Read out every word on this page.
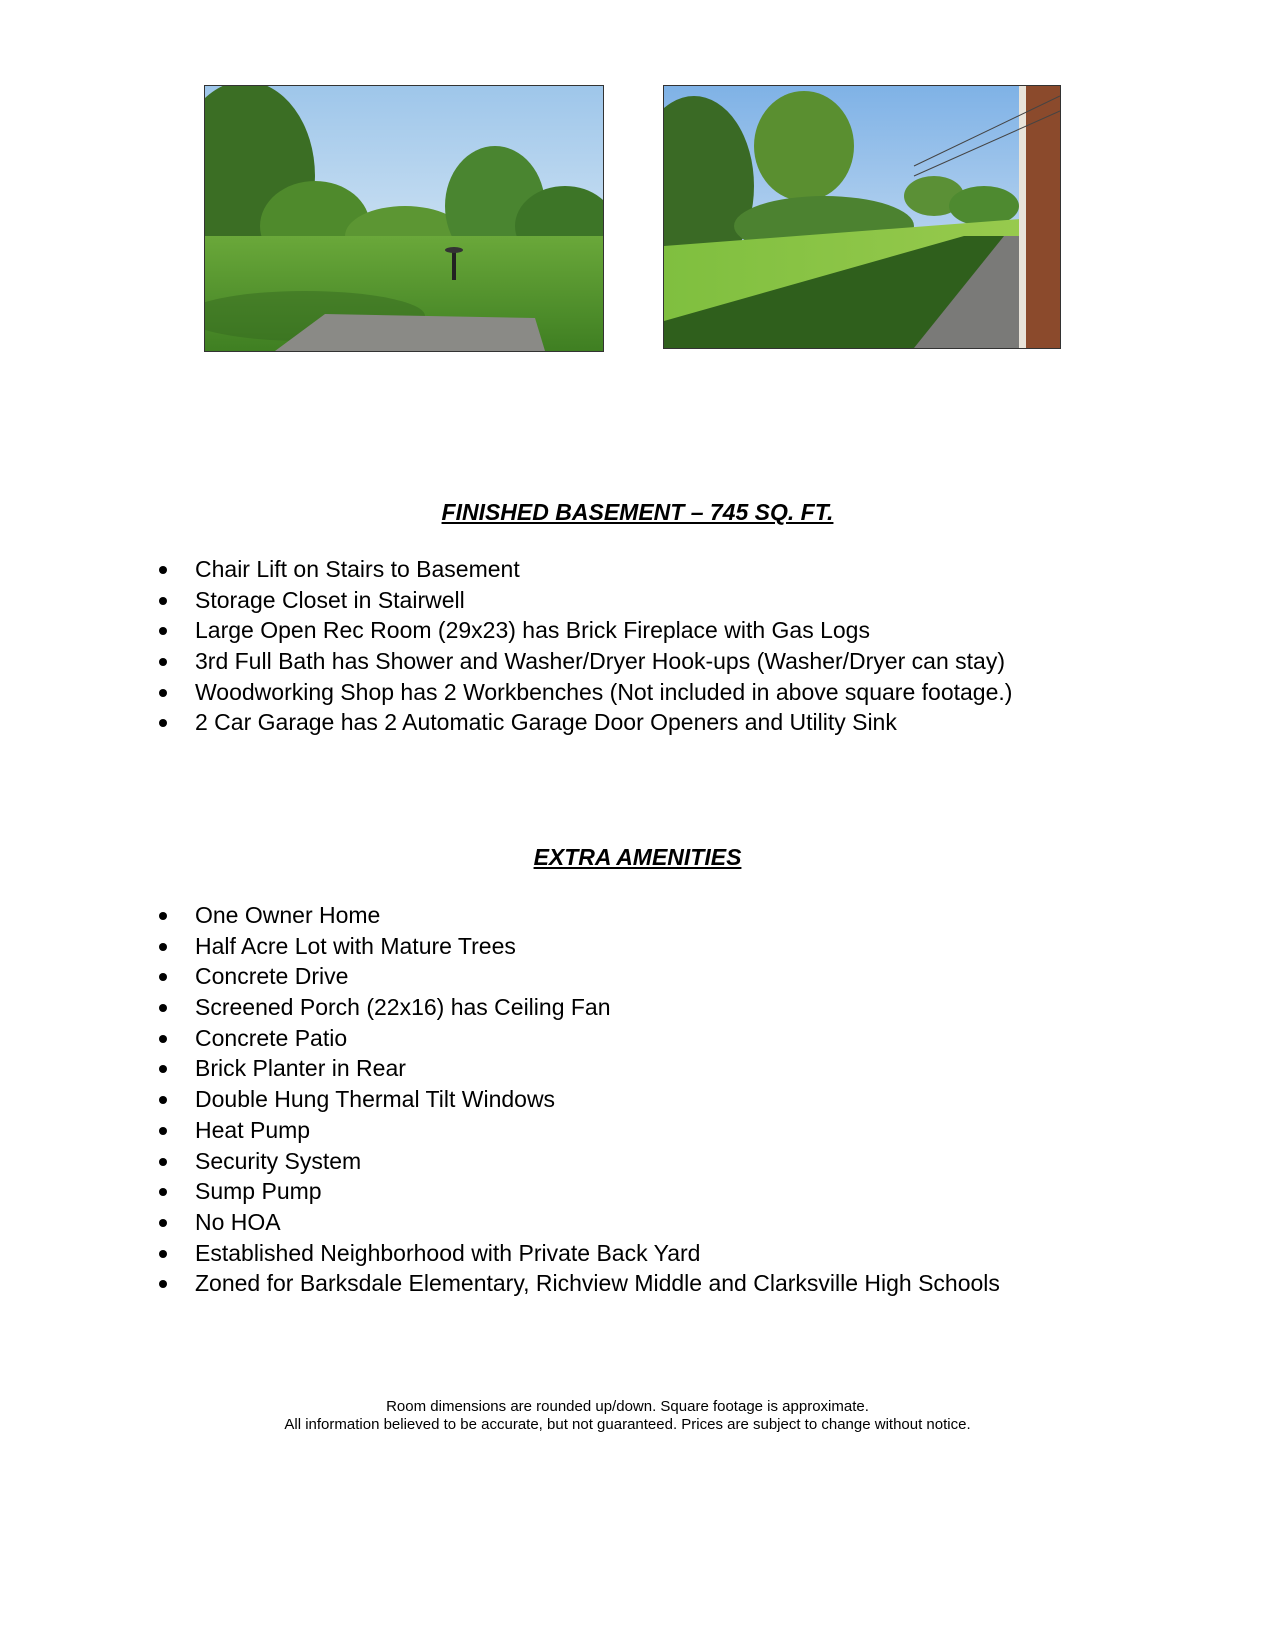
FINISHED BASEMENT – 745 SQ. FT.
Chair Lift on Stairs to Basement
Storage Closet in Stairwell
Large Open Rec Room (29x23) has Brick Fireplace with Gas Logs
3rd Full Bath has Shower and Washer/Dryer Hook-ups (Washer/Dryer can stay)
Woodworking Shop has 2 Workbenches (Not included in above square footage.)
2 Car Garage has 2 Automatic Garage Door Openers and Utility Sink
EXTRA AMENITIES
One Owner Home
Half Acre Lot with Mature Trees
Concrete Drive
Screened Porch (22x16) has Ceiling Fan
Concrete Patio
Brick Planter in Rear
Double Hung Thermal Tilt Windows
Heat Pump
Security System
Sump Pump
No HOA
Established Neighborhood with Private Back Yard
Zoned for Barksdale Elementary, Richview Middle and Clarksville High Schools
Room dimensions are rounded up/down. Square footage is approximate.
All information believed to be accurate, but not guaranteed. Prices are subject to change without notice.
